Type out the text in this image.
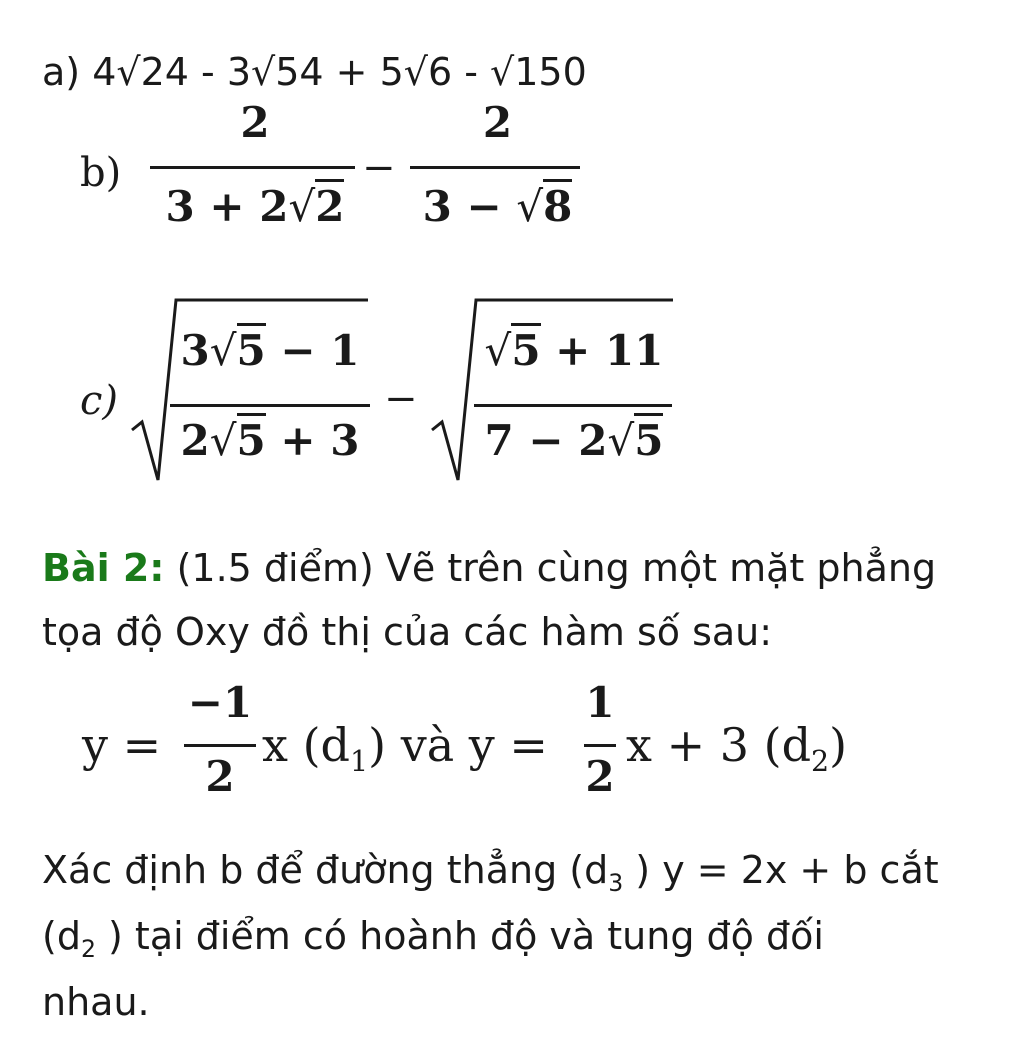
a) 4√24 - 3√54 + 5√6 - √150
b)
2
3 + 2√2
−
2
3 − √8
c)
3√5 − 1
2√5 + 3
−
√5 + 11
7 − 2√5
Bài 2: (1.5 điểm) Vẽ trên cùng một mặt phẳng
tọa độ Oxy đồ thị của các hàm số sau:
y =
−1
2
x $(d_1)$ và y =
1
2
x + 3 $(d_2)$
Xác định b để đường thẳng ($d_3$ ) y = 2x + b cắt
($d_2$ ) tại điểm có hoành độ và tung độ đối
nhau.
